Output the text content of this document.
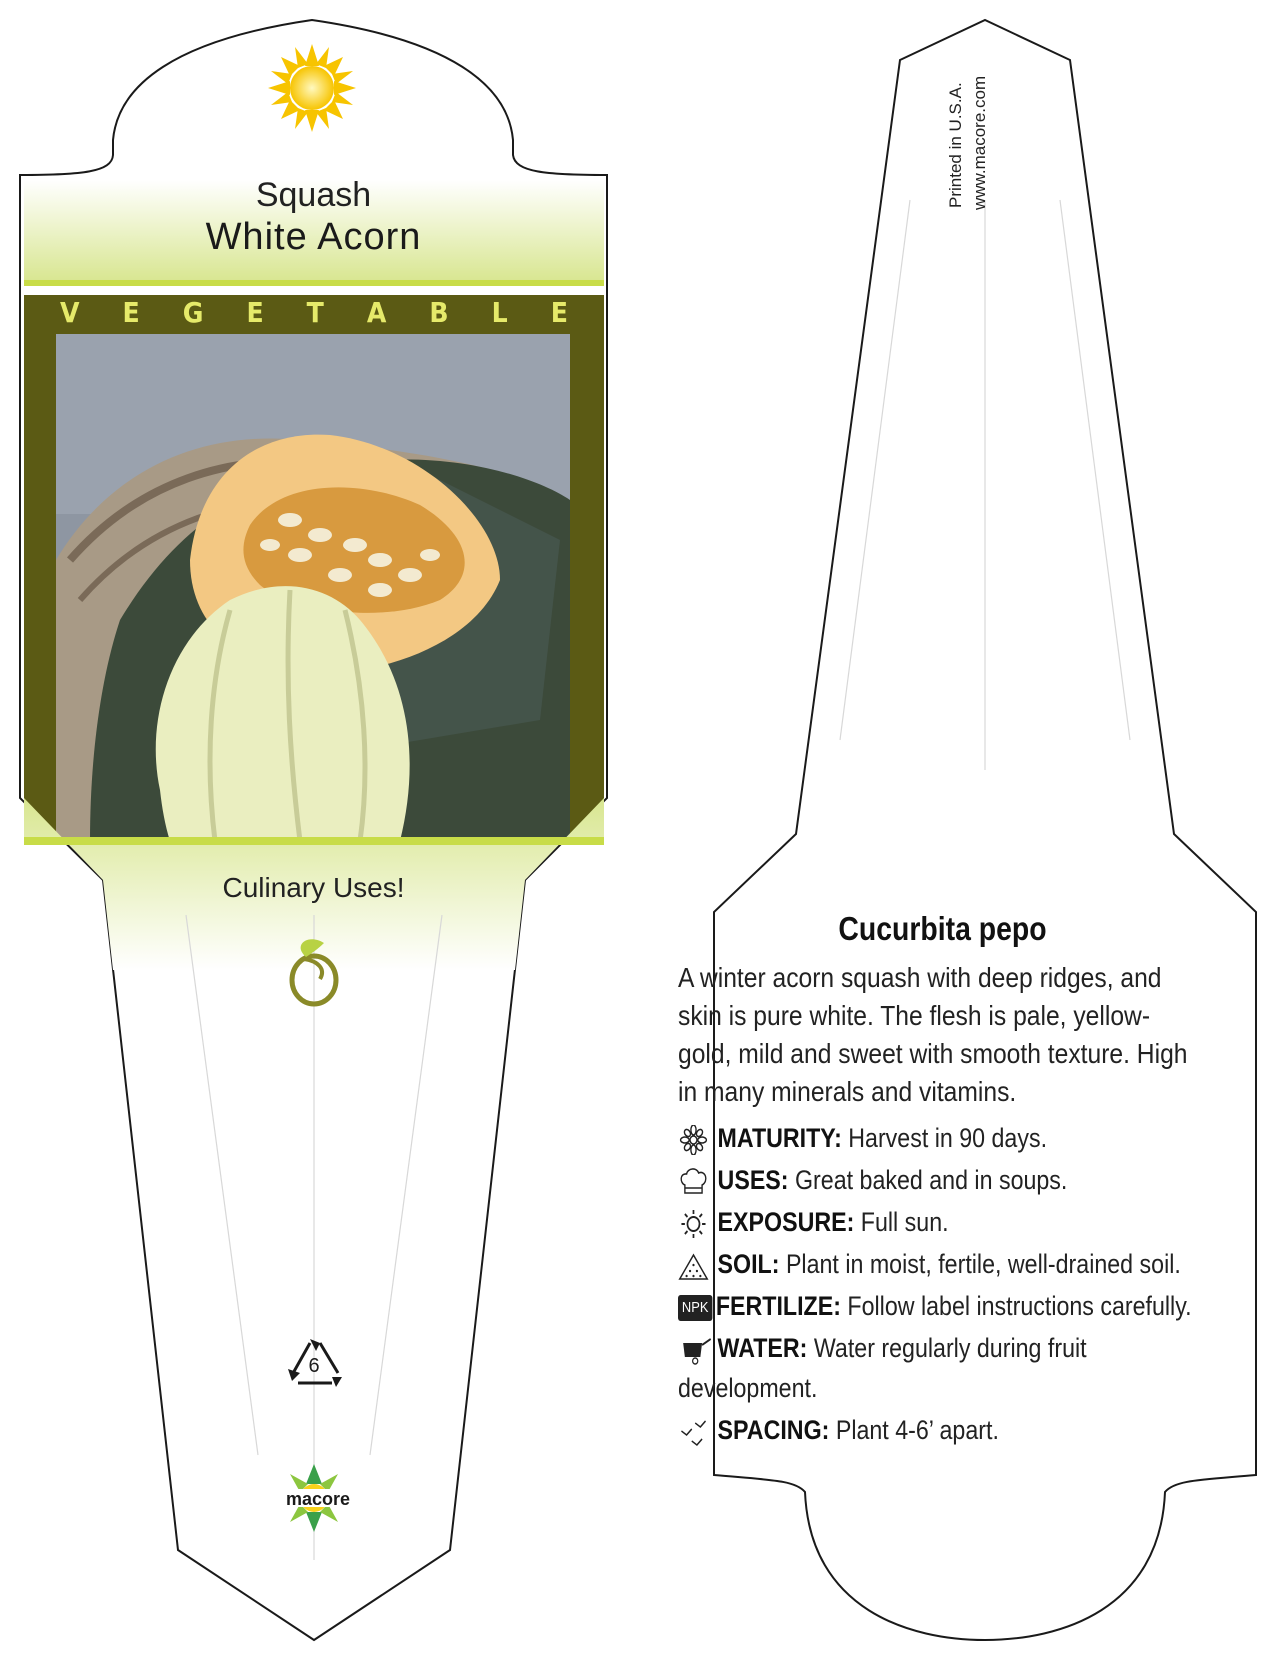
Squash
White Acorn
V E G E T A B L E
Culinary Uses!
6
macore
Printed in U.S.A. www.macore.com
Cucurbita pepo
A winter acorn squash with deep ridges, and skin is pure white. The flesh is pale, yellow-gold, mild and sweet with smooth texture. High in many minerals and vitamins.
MATURITY: Harvest in 90 days.
USES: Great baked and in soups.
EXPOSURE: Full sun.
SOIL: Plant in moist, fertile, well-drained soil.
NPK FERTILIZE: Follow label instructions carefully.
WATER: Water regularly during fruit
development.
SPACING: Plant 4-6’ apart.
